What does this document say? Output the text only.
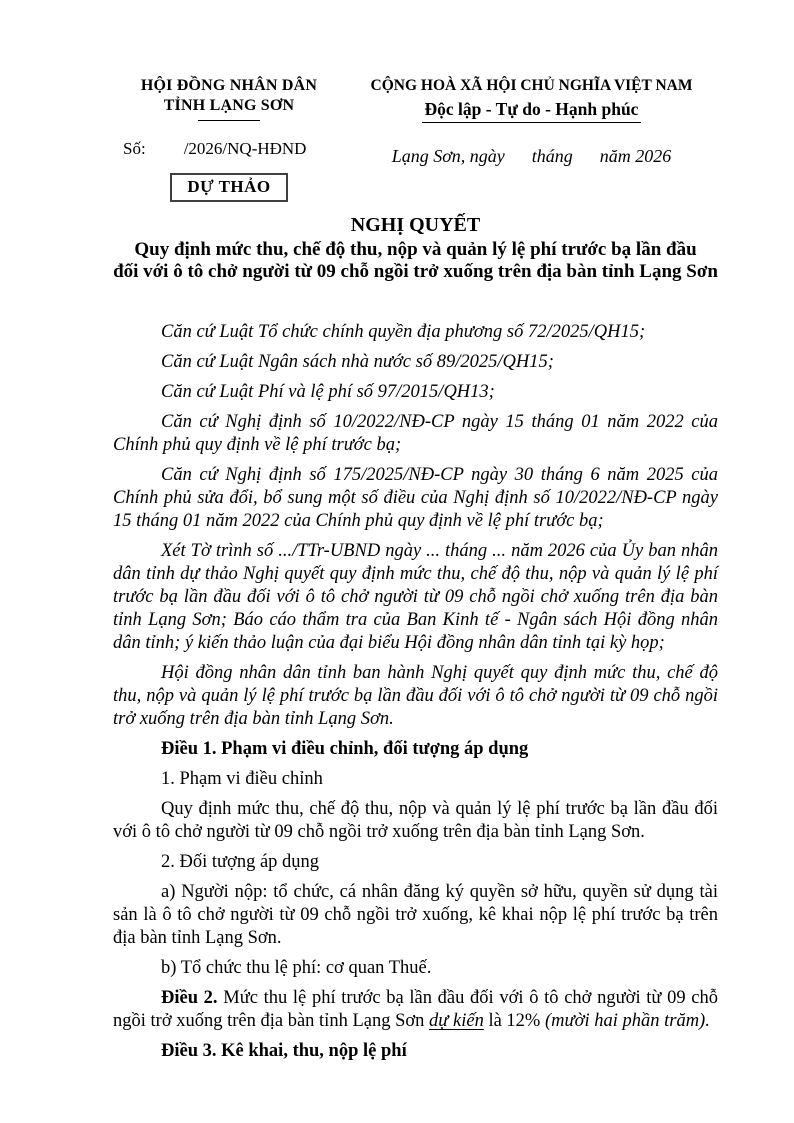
HỘI ĐỒNG NHÂN DÂN
TỈNH LẠNG SƠN
Số: /2026/NQ-HĐND
DỰ THẢO
CỘNG HOÀ XÃ HỘI CHỦ NGHĨA VIỆT NAM
Độc lập - Tự do - Hạnh phúc
Lạng Sơn, ngày      tháng      năm 2026
NGHỊ QUYẾT
Quy định mức thu, chế độ thu, nộp và quản lý lệ phí trước bạ lần đầu
đối với ô tô chở người từ 09 chỗ ngồi trở xuống trên địa bàn tỉnh Lạng Sơn

Căn cứ Luật Tổ chức chính quyền địa phương số 72/2025/QH15;

Căn cứ Luật Ngân sách nhà nước số 89/2025/QH15;

Căn cứ Luật Phí và lệ phí số 97/2015/QH13;

Căn cứ Nghị định số 10/2022/NĐ-CP ngày 15 tháng 01 năm 2022 của Chính phủ quy định về lệ phí trước bạ;

Căn cứ Nghị định số 175/2025/NĐ-CP ngày 30 tháng 6 năm 2025 của Chính phủ sửa đổi, bổ sung một số điều của Nghị định số 10/2022/NĐ-CP ngày 15 tháng 01 năm 2022 của Chính phủ quy định về lệ phí trước bạ;

Xét Tờ trình số .../TTr-UBND ngày ... tháng ... năm 2026 của Ủy ban nhân dân tỉnh dự thảo Nghị quyết quy định mức thu, chế độ thu, nộp và quản lý lệ phí trước bạ lần đầu đối với ô tô chở người từ 09 chỗ ngồi chở xuống trên địa bàn tỉnh Lạng Sơn; Báo cáo thẩm tra của Ban Kinh tế - Ngân sách Hội đồng nhân dân tỉnh; ý kiến thảo luận của đại biểu Hội đồng nhân dân tỉnh tại kỳ họp;

Hội đồng nhân dân tỉnh ban hành Nghị quyết quy định mức thu, chế độ thu, nộp và quản lý lệ phí trước bạ lần đầu đối với ô tô chở người từ 09 chỗ ngồi trở xuống trên địa bàn tỉnh Lạng Sơn.

Điều 1. Phạm vi điều chỉnh, đối tượng áp dụng

1. Phạm vi điều chỉnh

Quy định mức thu, chế độ thu, nộp và quản lý lệ phí trước bạ lần đầu đối với ô tô chở người từ 09 chỗ ngồi trở xuống trên địa bàn tỉnh Lạng Sơn.

2. Đối tượng áp dụng

a) Người nộp: tổ chức, cá nhân đăng ký quyền sở hữu, quyền sử dụng tài sản là ô tô chở người từ 09 chỗ ngồi trở xuống, kê khai nộp lệ phí trước bạ trên địa bàn tỉnh Lạng Sơn.

b) Tổ chức thu lệ phí: cơ quan Thuế.

Điều 2. Mức thu lệ phí trước bạ lần đầu đối với ô tô chở người từ 09 chỗ ngồi trở xuống trên địa bàn tỉnh Lạng Sơn dự kiến là 12% (mười hai phần trăm).

Điều 3. Kê khai, thu, nộp lệ phí
